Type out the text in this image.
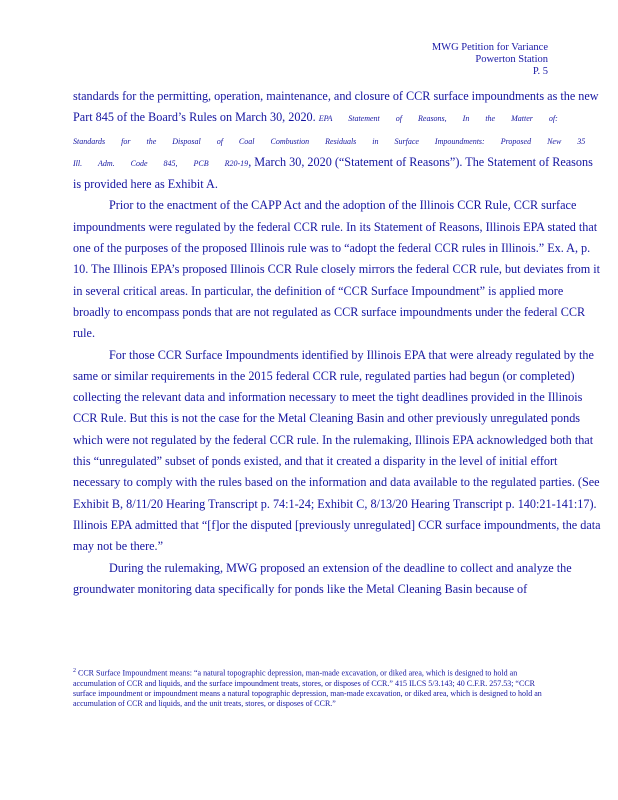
MWG Petition for Variance
Powerton Station
P. 5

standards for the permitting, operation, maintenance, and closure of CCR surface impoundments as the new Part 845 of the Board’s Rules on March 30, 2020. EPA Statement of Reasons, In the Matter of: Standards for the Disposal of Coal Combustion Residuals in Surface Impoundments: Proposed New 35 Ill. Adm. Code 845, PCB R20-19, March 30, 2020 (“Statement of Reasons”). The Statement of Reasons is provided here as Exhibit A.

Prior to the enactment of the CAPP Act and the adoption of the Illinois CCR Rule, CCR surface impoundments were regulated by the federal CCR rule. In its Statement of Reasons, Illinois EPA stated that one of the purposes of the proposed Illinois rule was to “adopt the federal CCR rules in Illinois.” Ex. A, p. 10. The Illinois EPA’s proposed Illinois CCR Rule closely mirrors the federal CCR rule, but deviates from it in several critical areas. In particular, the definition of “CCR Surface Impoundment” is applied more broadly to encompass ponds that are not regulated as CCR surface impoundments under the federal CCR rule.

For those CCR Surface Impoundments identified by Illinois EPA that were already regulated by the same or similar requirements in the 2015 federal CCR rule, regulated parties had begun (or completed) collecting the relevant data and information necessary to meet the tight deadlines provided in the Illinois CCR Rule. But this is not the case for the Metal Cleaning Basin and other previously unregulated ponds which were not regulated by the federal CCR rule. In the rulemaking, Illinois EPA acknowledged both that this “unregulated” subset of ponds existed, and that it created a disparity in the level of initial effort necessary to comply with the rules based on the information and data available to the regulated parties. (See Exhibit B, 8/11/20 Hearing Transcript p. 74:1-24; Exhibit C, 8/13/20 Hearing Transcript p. 140:21-141:17). Illinois EPA admitted that “[f]or the disputed [previously unregulated] CCR surface impoundments, the data may not be there.”

During the rulemaking, MWG proposed an extension of the deadline to collect and analyze the groundwater monitoring data specifically for ponds like the Metal Cleaning Basin because of

$^2$ CCR Surface Impoundment means: “a natural topographic depression, man-made excavation, or diked area, which is designed to hold an accumulation of CCR and liquids, and the surface impoundment treats, stores, or disposes of CCR.” 415 ILCS 5/3.143; 40 C.F.R. 257.53; “CCR surface impoundment or impoundment means a natural topographic depression, man-made excavation, or diked area, which is designed to hold an accumulation of CCR and liquids, and the unit treats, stores, or disposes of CCR.”
